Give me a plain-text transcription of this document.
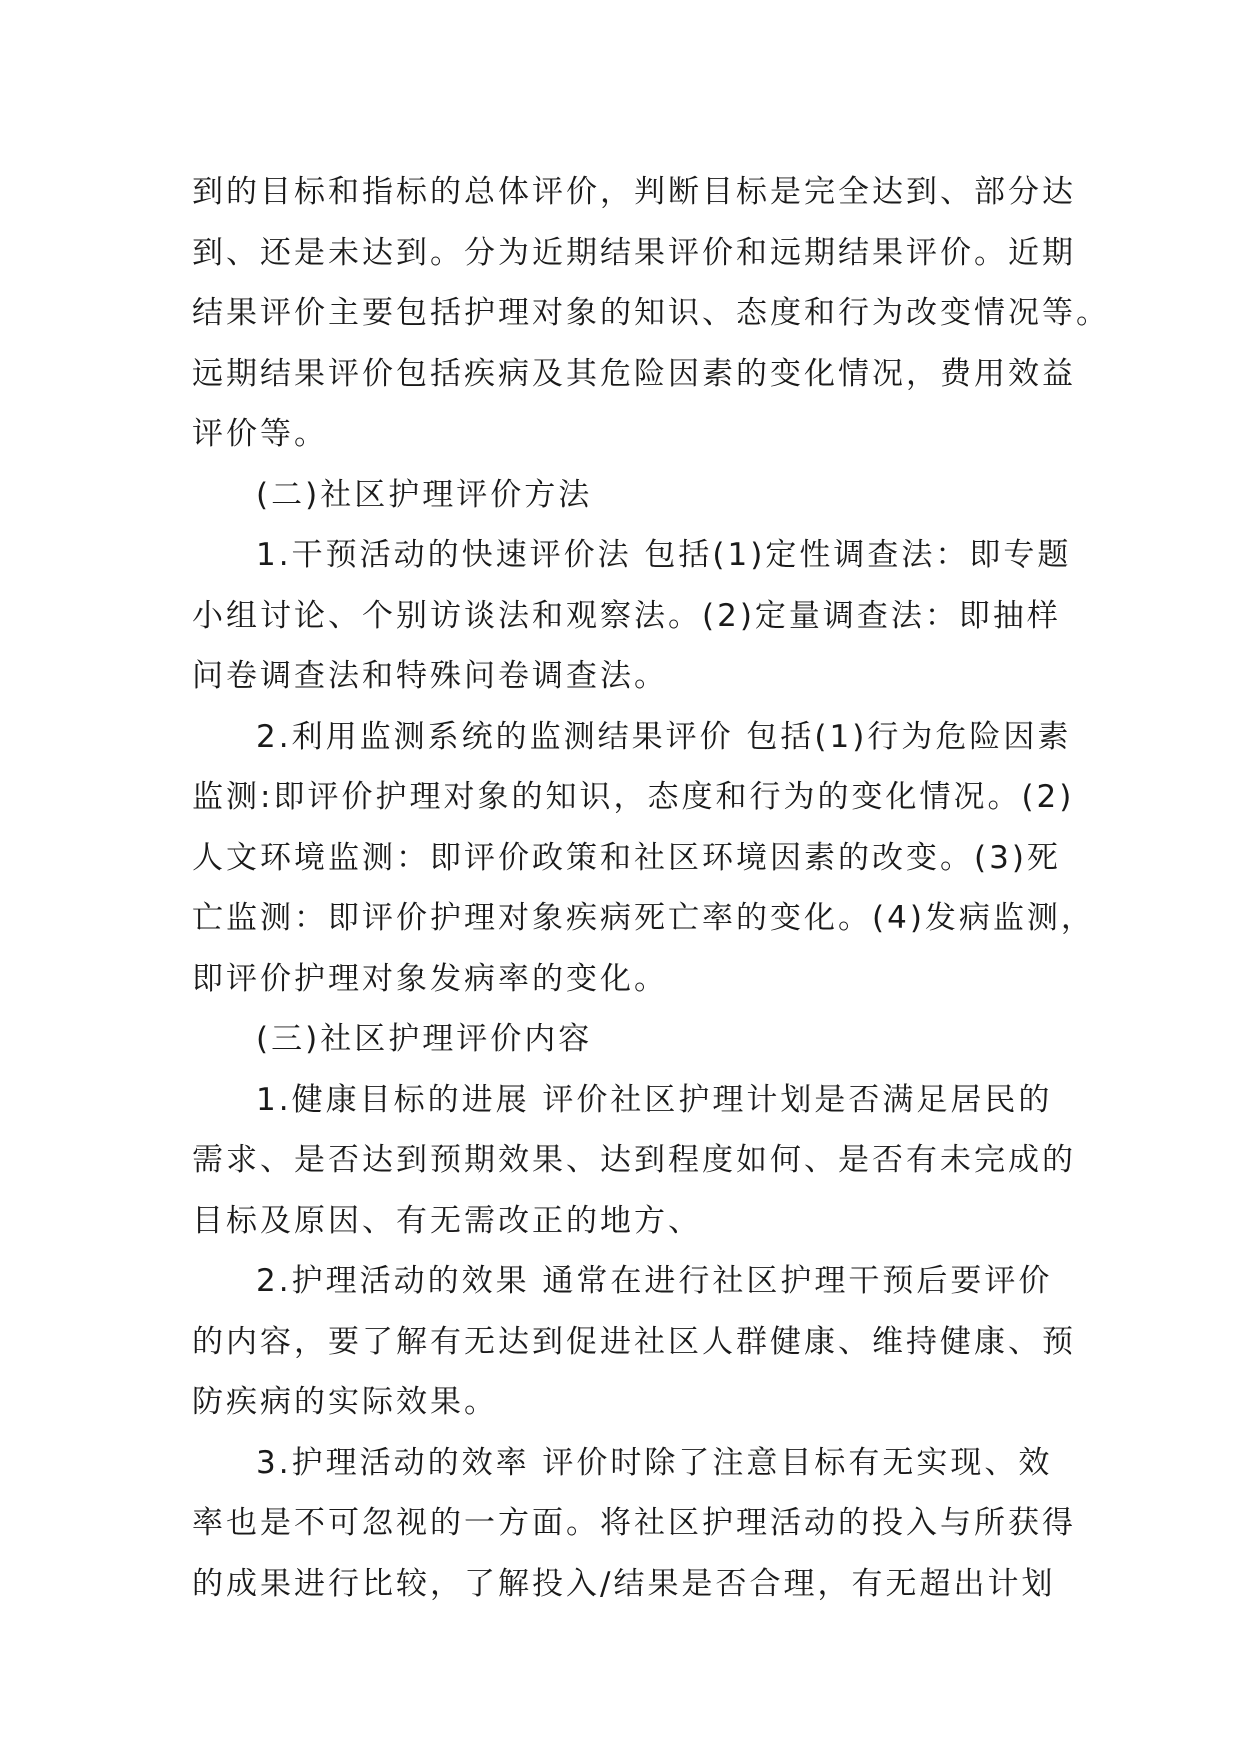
到的目标和指标的总体评价，判断目标是完全达到、部分达
到、还是未达到。分为近期结果评价和远期结果评价。近期
结果评价主要包括护理对象的知识、态度和行为改变情况等。
远期结果评价包括疾病及其危险因素的变化情况，费用效益
评价等。
(二)社区护理评价方法
1.干预活动的快速评价法 包括(1)定性调查法：即专题
小组讨论、个别访谈法和观察法。(2)定量调查法：即抽样
问卷调查法和特殊问卷调查法。
2.利用监测系统的监测结果评价 包括(1)行为危险因素
监测:即评价护理对象的知识，态度和行为的变化情况。(2)
人文环境监测：即评价政策和社区环境因素的改变。(3)死
亡监测：即评价护理对象疾病死亡率的变化。(4)发病监测，
即评价护理对象发病率的变化。
(三)社区护理评价内容
1.健康目标的进展 评价社区护理计划是否满足居民的
需求、是否达到预期效果、达到程度如何、是否有未完成的
目标及原因、有无需改正的地方、
2.护理活动的效果 通常在进行社区护理干预后要评价
的内容，要了解有无达到促进社区人群健康、维持健康、预
防疾病的实际效果。
3.护理活动的效率 评价时除了注意目标有无实现、效
率也是不可忽视的一方面。将社区护理活动的投入与所获得
的成果进行比较，了解投入/结果是否合理，有无超出计划
